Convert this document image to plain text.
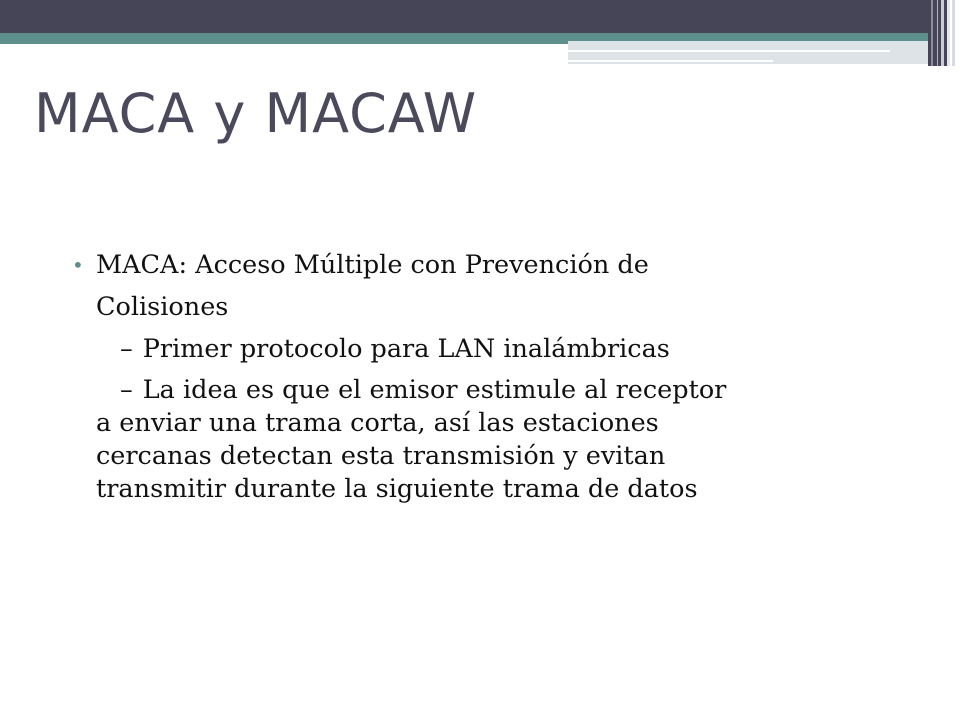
MACA y MACAW
• MACA: Acceso Múltiple con Prevención de
Colisiones
– Primer protocolo para LAN inalámbricas
– La idea es que el emisor estimule al receptor
a enviar una trama corta, así las estaciones
cercanas detectan esta transmisión y evitan
transmitir durante la siguiente trama de datos
